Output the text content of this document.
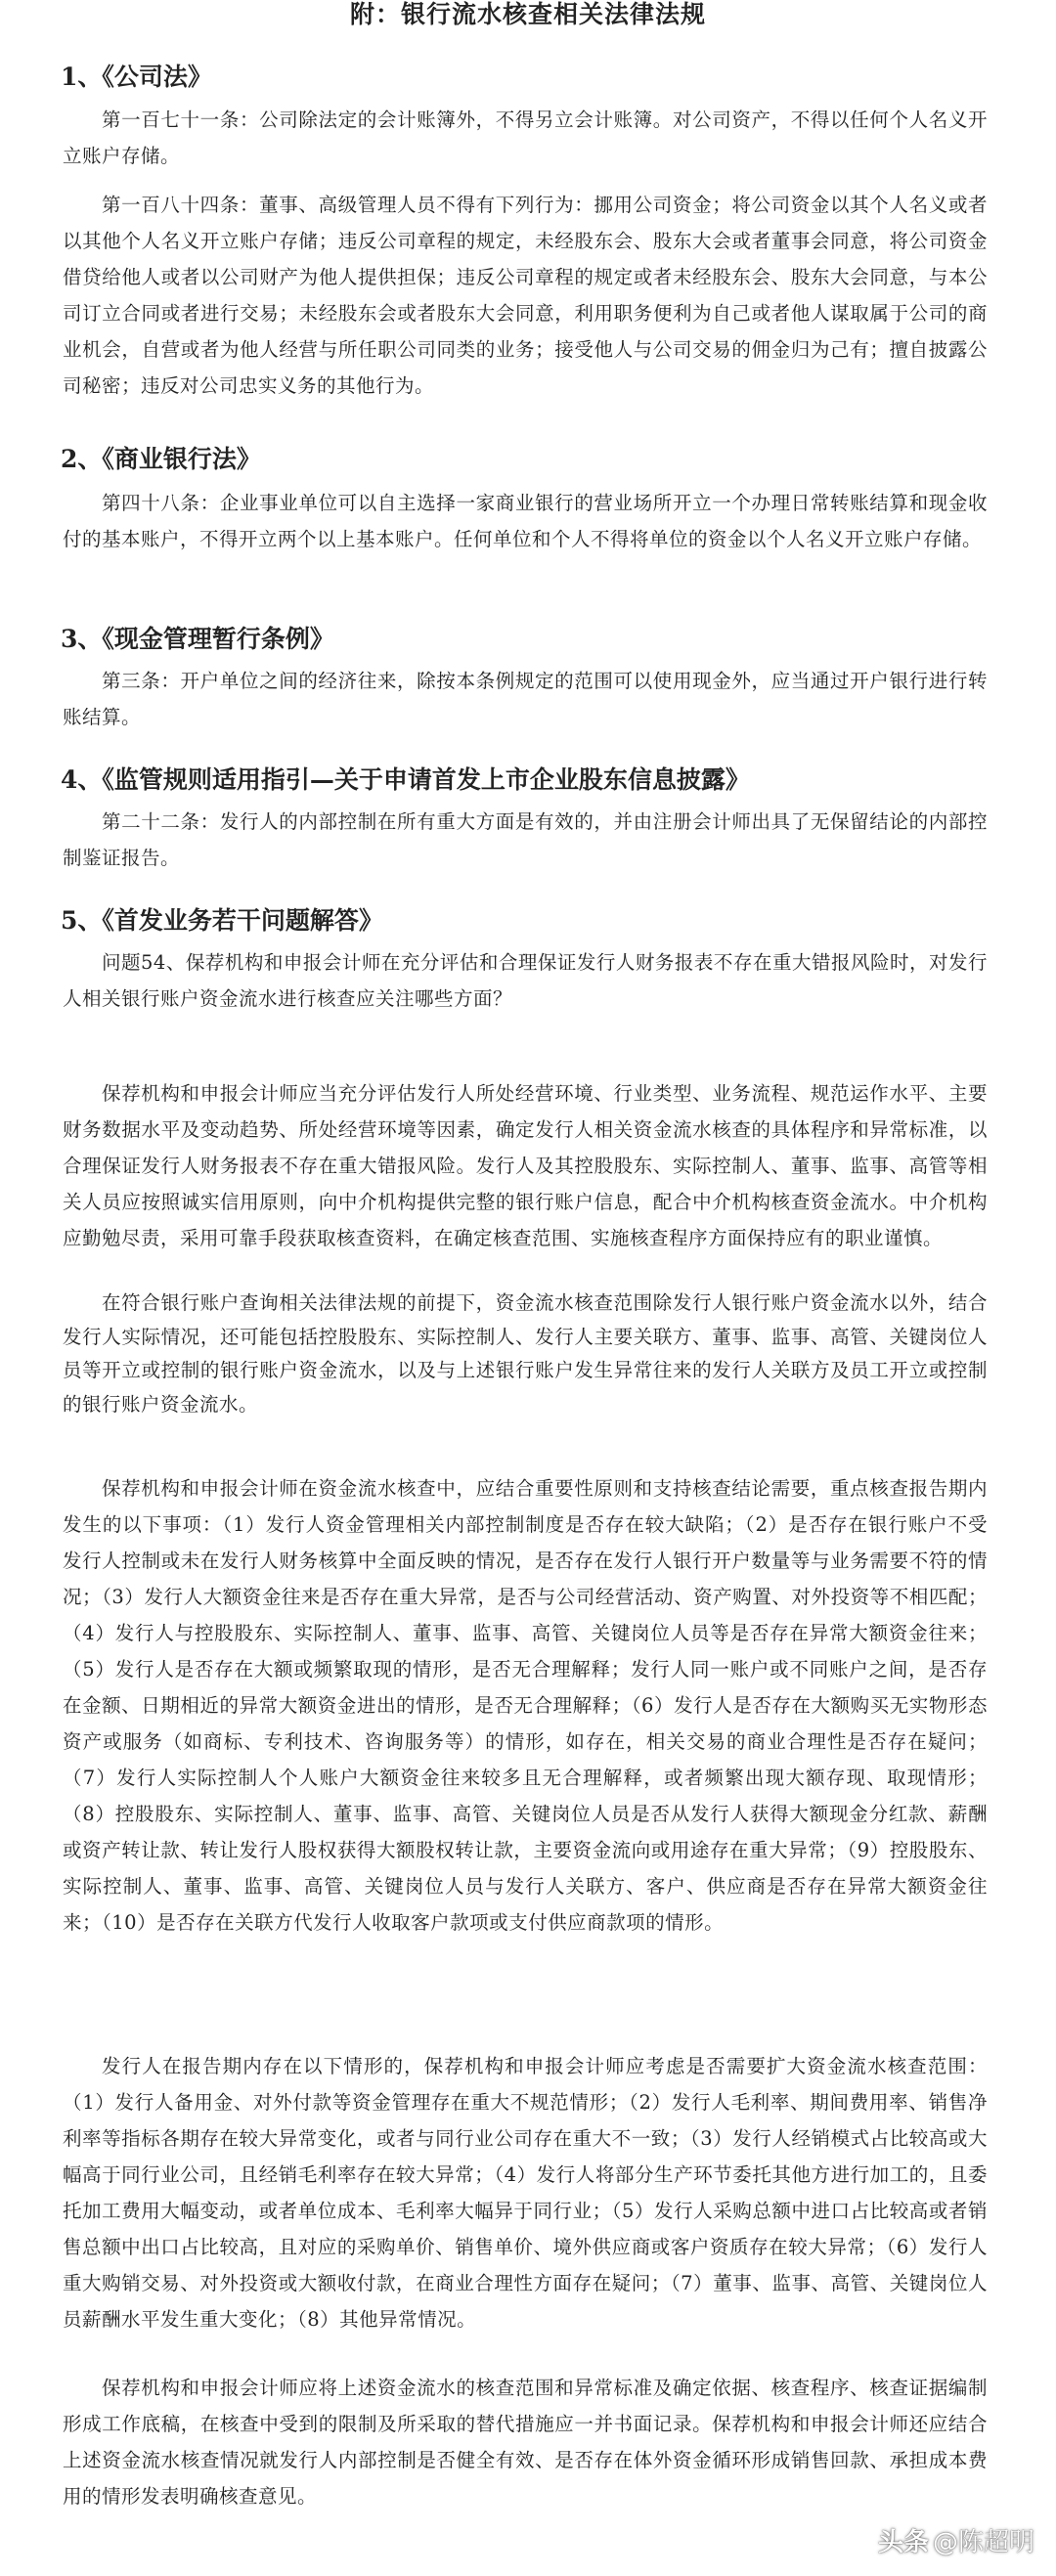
附：银行流水核查相关法律法规
1、《公司法》
第一百七十一条：公司除法定的会计账簿外，不得另立会计账簿。对公司资产，不得以任何个人名义开立账户存储。
第一百八十四条：董事、高级管理人员不得有下列行为：挪用公司资金；将公司资金以其个人名义或者以其他个人名义开立账户存储；违反公司章程的规定，未经股东会、股东大会或者董事会同意，将公司资金借贷给他人或者以公司财产为他人提供担保；违反公司章程的规定或者未经股东会、股东大会同意，与本公司订立合同或者进行交易；未经股东会或者股东大会同意，利用职务便利为自己或者他人谋取属于公司的商业机会，自营或者为他人经营与所任职公司同类的业务；接受他人与公司交易的佣金归为己有；擅自披露公司秘密；违反对公司忠实义务的其他行为。
2、《商业银行法》
第四十八条：企业事业单位可以自主选择一家商业银行的营业场所开立一个办理日常转账结算和现金收付的基本账户，不得开立两个以上基本账户。任何单位和个人不得将单位的资金以个人名义开立账户存储。
3、《现金管理暂行条例》
第三条：开户单位之间的经济往来，除按本条例规定的范围可以使用现金外，应当通过开户银行进行转账结算。
4、《监管规则适用指引—关于申请首发上市企业股东信息披露》
第二十二条：发行人的内部控制在所有重大方面是有效的，并由注册会计师出具了无保留结论的内部控制鉴证报告。
5、《首发业务若干问题解答》
问题54、保荐机构和申报会计师在充分评估和合理保证发行人财务报表不存在重大错报风险时，对发行人相关银行账户资金流水进行核查应关注哪些方面？
保荐机构和申报会计师应当充分评估发行人所处经营环境、行业类型、业务流程、规范运作水平、主要财务数据水平及变动趋势、所处经营环境等因素，确定发行人相关资金流水核查的具体程序和异常标准，以合理保证发行人财务报表不存在重大错报风险。发行人及其控股股东、实际控制人、董事、监事、高管等相关人员应按照诚实信用原则，向中介机构提供完整的银行账户信息，配合中介机构核查资金流水。中介机构应勤勉尽责，采用可靠手段获取核查资料，在确定核查范围、实施核查程序方面保持应有的职业谨慎。
在符合银行账户查询相关法律法规的前提下，资金流水核查范围除发行人银行账户资金流水以外，结合发行人实际情况，还可能包括控股股东、实际控制人、发行人主要关联方、董事、监事、高管、关键岗位人员等开立或控制的银行账户资金流水，以及与上述银行账户发生异常往来的发行人关联方及员工开立或控制的银行账户资金流水。
保荐机构和申报会计师在资金流水核查中，应结合重要性原则和支持核查结论需要，重点核查报告期内发生的以下事项：（1）发行人资金管理相关内部控制制度是否存在较大缺陷；（2）是否存在银行账户不受发行人控制或未在发行人财务核算中全面反映的情况，是否存在发行人银行开户数量等与业务需要不符的情况；（3）发行人大额资金往来是否存在重大异常，是否与公司经营活动、资产购置、对外投资等不相匹配；（4）发行人与控股股东、实际控制人、董事、监事、高管、关键岗位人员等是否存在异常大额资金往来；（5）发行人是否存在大额或频繁取现的情形，是否无合理解释；发行人同一账户或不同账户之间，是否存在金额、日期相近的异常大额资金进出的情形，是否无合理解释；（6）发行人是否存在大额购买无实物形态资产或服务（如商标、专利技术、咨询服务等）的情形，如存在，相关交易的商业合理性是否存在疑问；（7）发行人实际控制人个人账户大额资金往来较多且无合理解释，或者频繁出现大额存现、取现情形；（8）控股股东、实际控制人、董事、监事、高管、关键岗位人员是否从发行人获得大额现金分红款、薪酬或资产转让款、转让发行人股权获得大额股权转让款，主要资金流向或用途存在重大异常；（9）控股股东、实际控制人、董事、监事、高管、关键岗位人员与发行人关联方、客户、供应商是否存在异常大额资金往来；（10）是否存在关联方代发行人收取客户款项或支付供应商款项的情形。
发行人在报告期内存在以下情形的，保荐机构和申报会计师应考虑是否需要扩大资金流水核查范围：（1）发行人备用金、对外付款等资金管理存在重大不规范情形；（2）发行人毛利率、期间费用率、销售净利率等指标各期存在较大异常变化，或者与同行业公司存在重大不一致；（3）发行人经销模式占比较高或大幅高于同行业公司，且经销毛利率存在较大异常；（4）发行人将部分生产环节委托其他方进行加工的，且委托加工费用大幅变动，或者单位成本、毛利率大幅异于同行业；（5）发行人采购总额中进口占比较高或者销售总额中出口占比较高，且对应的采购单价、销售单价、境外供应商或客户资质存在较大异常；（6）发行人重大购销交易、对外投资或大额收付款，在商业合理性方面存在疑问；（7）董事、监事、高管、关键岗位人员薪酬水平发生重大变化；（8）其他异常情况。
保荐机构和申报会计师应将上述资金流水的核查范围和异常标准及确定依据、核查程序、核查证据编制形成工作底稿，在核查中受到的限制及所采取的替代措施应一并书面记录。保荐机构和申报会计师还应结合上述资金流水核查情况就发行人内部控制是否健全有效、是否存在体外资金循环形成销售回款、承担成本费用的情形发表明确核查意见。
头条 @陈超明
